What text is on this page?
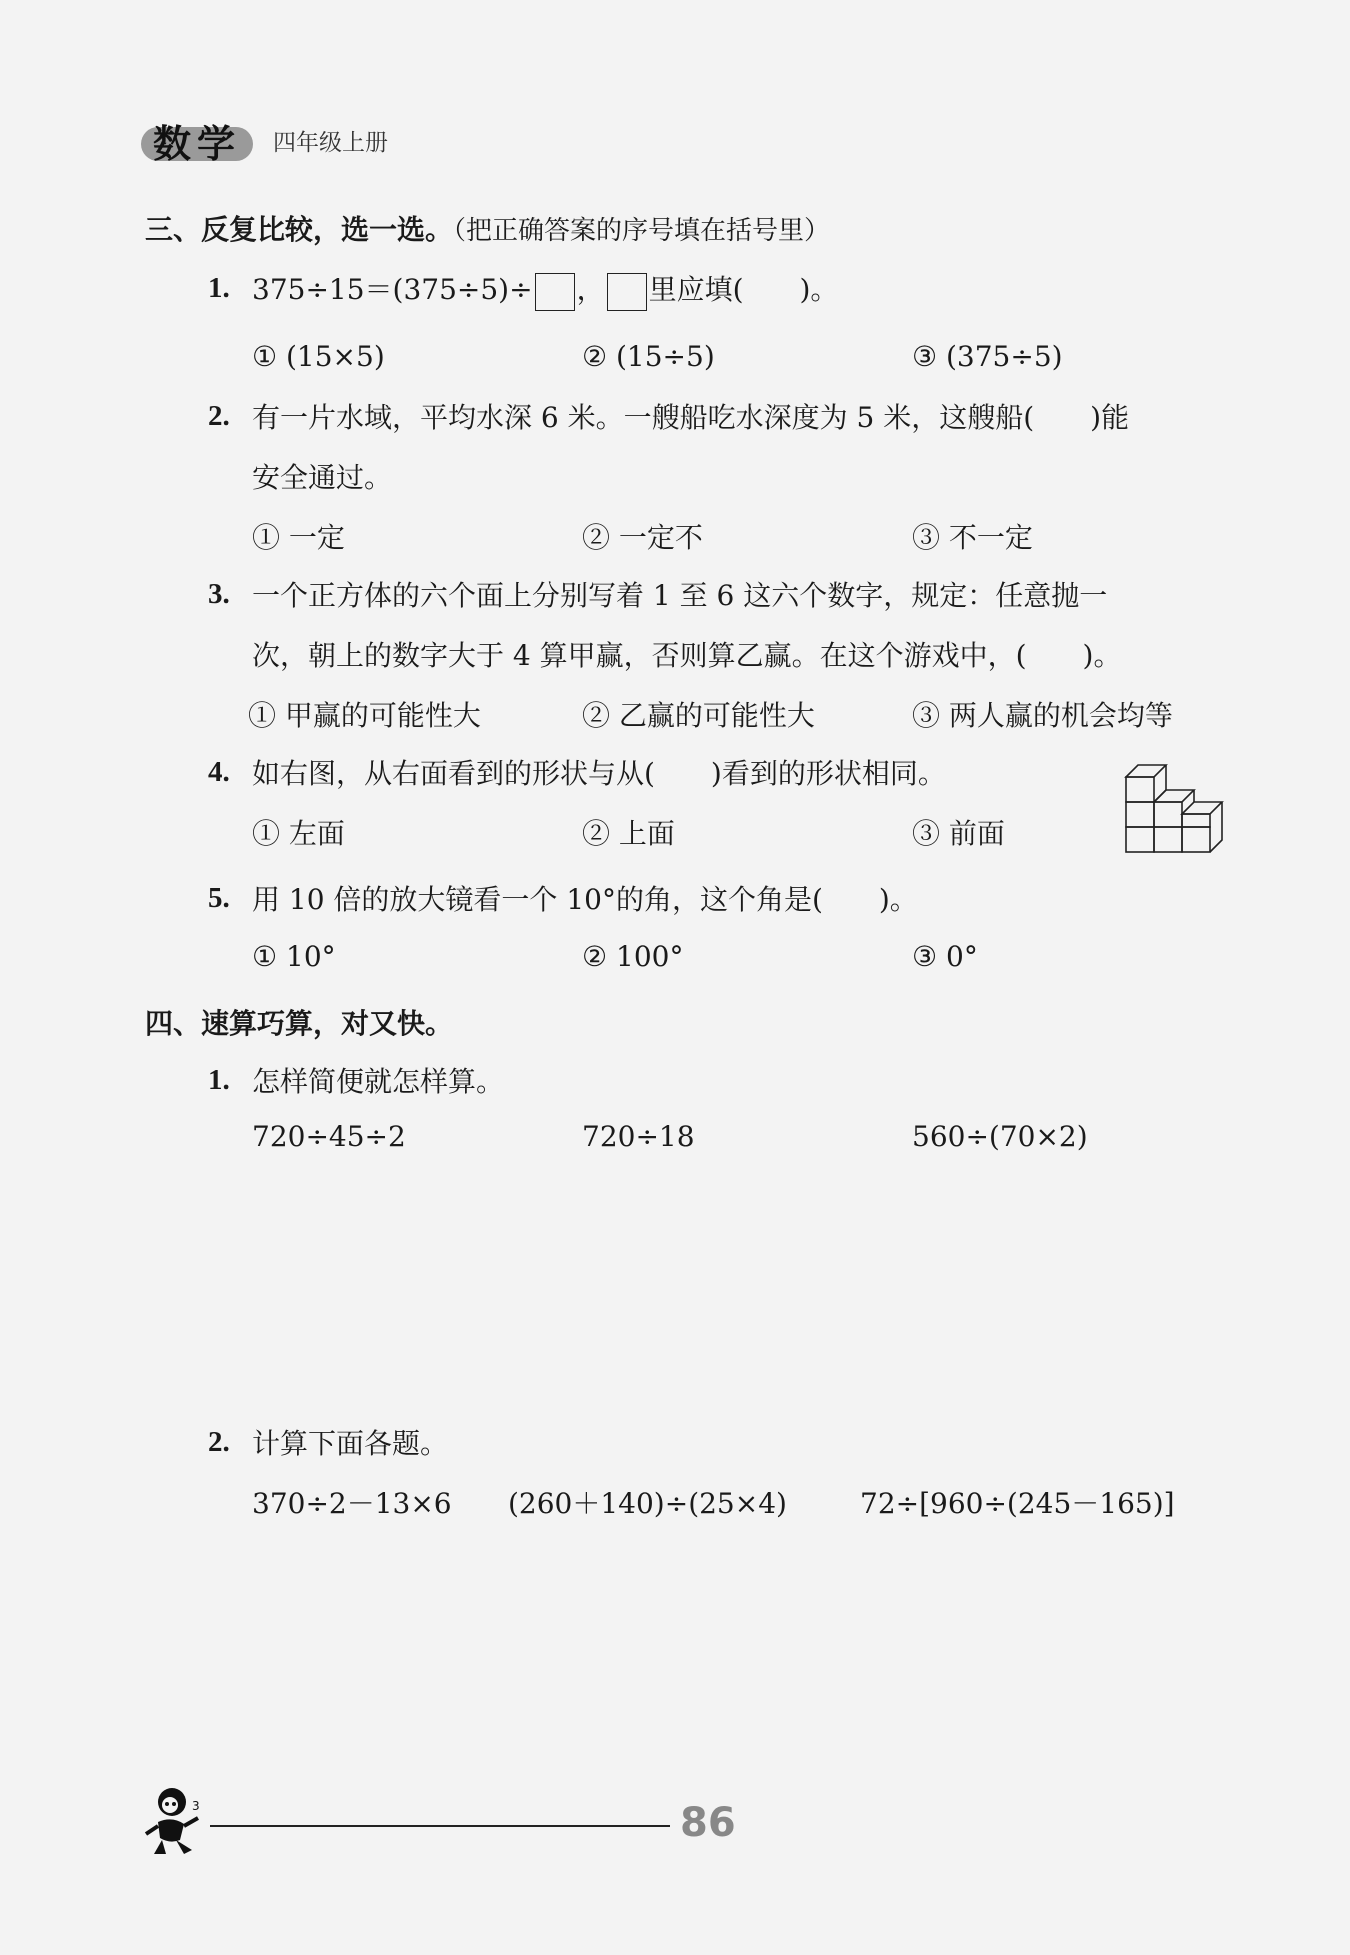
数学	四年级上册
三、反复比较，选一选。（把正确答案的序号填在括号里）
1. 375÷15＝(375÷5)÷ ， 里应填(　　)。
① (15×5)	② (15÷5)	③ (375÷5)
2. 有一片水域，平均水深 6 米。一艘船吃水深度为 5 米，这艘船(　　)能
安全通过。
① 一定	② 一定不	③ 不一定
3. 一个正方体的六个面上分别写着 1 至 6 这六个数字，规定：任意抛一
次，朝上的数字大于 4 算甲赢，否则算乙赢。在这个游戏中，(　　)。
① 甲赢的可能性大	② 乙赢的可能性大	③ 两人赢的机会均等
4. 如右图，从右面看到的形状与从(　　)看到的形状相同。
① 左面	② 上面	③ 前面
5. 用 10 倍的放大镜看一个 10°的角，这个角是(　　)。
① 10°	② 100°	③ 0°
四、速算巧算，对又快。
1. 怎样简便就怎样算。
720÷45÷2	720÷18	560÷(70×2)
2. 计算下面各题。
370÷2－13×6 (260＋140)÷(25×4)	72÷[960÷(245－165)]
3	86
